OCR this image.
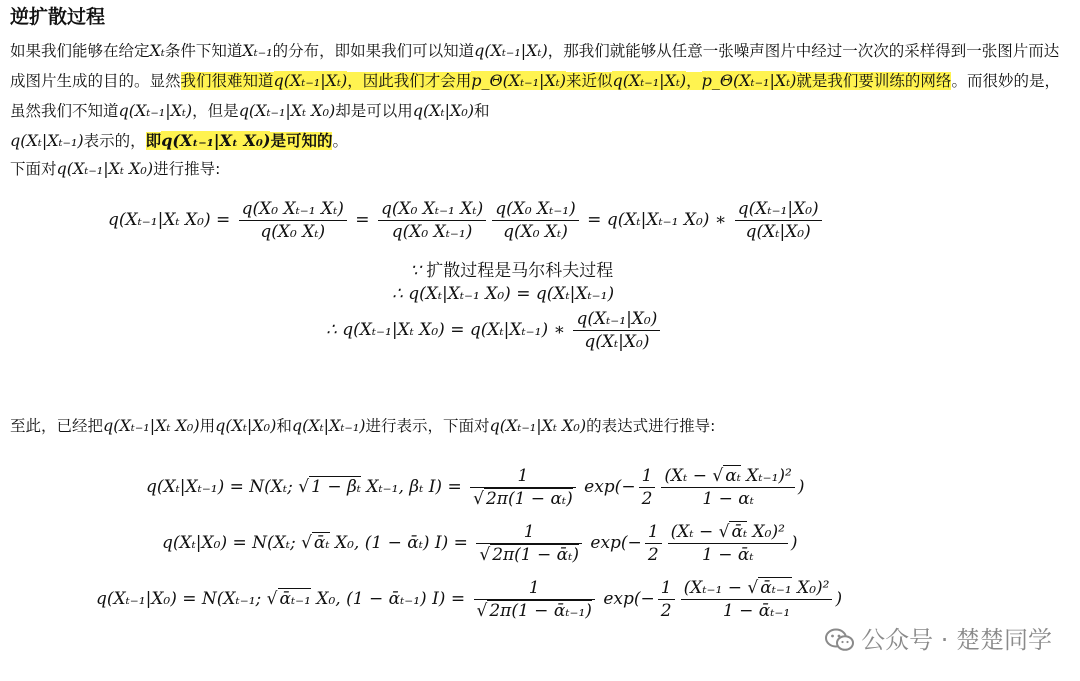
逆扩散过程
如果我们能够在给定Xₜ条件下知道Xₜ₋₁的分布，即如果我们可以知道q(Xₜ₋₁|Xₜ)，那我们就能够从任意一张噪声图片中经过一次次的采样得到一张图片而达成图片生成的目的。显然我们很难知道q(Xₜ₋₁|Xₜ)，因此我们才会用p_Θ(Xₜ₋₁|Xₜ)来近似q(Xₜ₋₁|Xₜ)，p_Θ(Xₜ₋₁|Xₜ)就是我们要训练的网络。而很妙的是，虽然我们不知道q(Xₜ₋₁|Xₜ)，但是q(Xₜ₋₁|Xₜ X₀)却是可以用q(Xₜ|X₀)和
q(Xₜ|Xₜ₋₁)表示的，即q(Xₜ₋₁|Xₜ X₀)是可知的。
下面对q(Xₜ₋₁|Xₜ X₀)进行推导:
q(Xₜ₋₁|Xₜ $X_0) = \frac{\text{q(X₀ Xₜ₋₁ Xₜ)}}{\text{q(X₀ Xₜ)}} = \frac{\text{q(X₀ Xₜ₋₁ Xₜ)}}{\text{q(X₀ Xₜ₋₁)}} \frac{\text{q(X₀ Xₜ₋₁)}}{\text{q(X₀ Xₜ)}} = q(X_t|X_{t-1}$ X₀) ∗ $\frac{\text{q(Xₜ₋₁|X₀)}}{\text{q(Xₜ|X₀)}}$
∵ 扩散过程是马尔科夫过程
∴ q(Xₜ|Xₜ₋₁ X₀) = q(Xₜ|Xₜ₋₁)
∴ q(Xₜ₋₁|Xₜ X₀) = q(Xₜ|Xₜ₋₁) ∗ $\frac{\text{q(Xₜ₋₁|X₀)}}{\text{q(Xₜ|X₀)}}$
至此，已经把q(Xₜ₋₁|Xₜ X₀)用q(Xₜ|X₀)和q(Xₜ|Xₜ₋₁)进行表示，下面对q(Xₜ₋₁|Xₜ X₀)的表达式进行推导:
q(Xₜ|Xₜ₋₁) = N(Xₜ; √ 1 − βₜ Xₜ₋₁, βₜ $I) = \frac{1}{\text{√ 2π(1 − αₜ)}} \exp(- \frac{1}{2} \frac{\text{(Xₜ − √ αₜ Xₜ₋₁)²}}{\text{1 − αₜ}}$ )
q(Xₜ|X₀) = N(Xₜ; √ ᾱₜ X₀, (1 − ᾱₜ) $I) = \frac{1}{\text{√ 2π(1 − ᾱₜ)}} \exp(- \frac{1}{2} \frac{\text{(Xₜ − √ ᾱₜ X₀)²}}{\text{1 − ᾱₜ}}$ )
q(Xₜ₋₁|X₀) = N(Xₜ₋₁; √ ᾱₜ₋₁ X₀, (1 − ᾱₜ₋₁) $I) = \frac{1}{\text{√ 2π(1 − ᾱₜ₋₁)}} \exp(- \frac{1}{2} \frac{\text{(Xₜ₋₁ − √ ᾱₜ₋₁ X₀)²}}{\text{1 − ᾱₜ₋₁}}$ )
公众号 · 楚楚同学
